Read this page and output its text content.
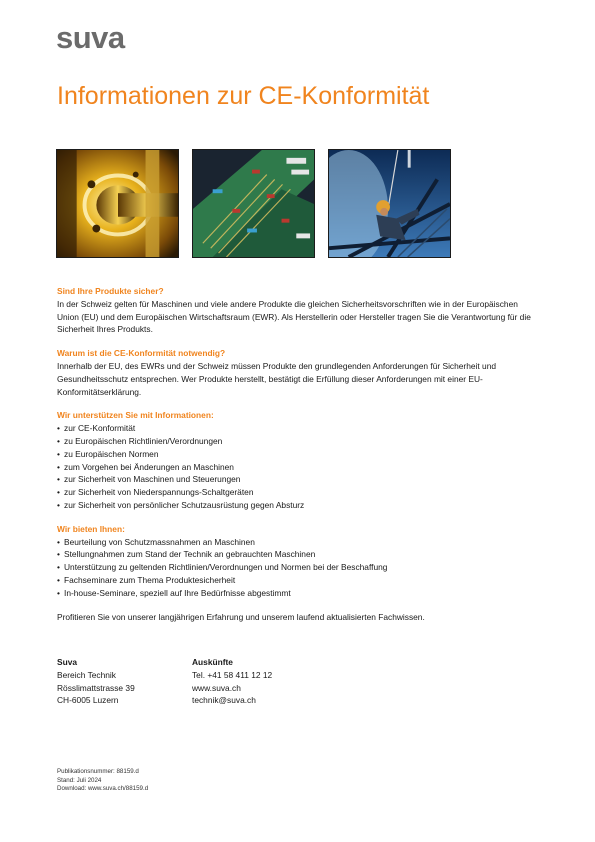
suva
Informationen zur CE-Konformität

Sind Ihre Produkte sicher?

In der Schweiz gelten für Maschinen und viele andere Produkte die gleichen Sicherheitsvorschriften wie in der Europäischen Union (EU) und dem Europäischen Wirtschaftsraum (EWR). Als Herstellerin oder Hersteller tragen Sie die Verantwortung für die Sicherheit Ihres Produkts.

Warum ist die CE-Konformität notwendig?

Innerhalb der EU, des EWRs und der Schweiz müssen Produkte den grundlegenden Anforderungen für Sicherheit und Gesundheitsschutz entsprechen. Wer Produkte herstellt, bestätigt die Erfüllung dieser Anforderungen mit einer EU-Konformitätserklärung.

Wir unterstützen Sie mit Informationen:

• zur CE-Konformität
• zu Europäischen Richtlinien/Verordnungen
• zu Europäischen Normen
• zum Vorgehen bei Änderungen an Maschinen
• zur Sicherheit von Maschinen und Steuerungen
• zur Sicherheit von Niederspannungs-Schaltgeräten
• zur Sicherheit von persönlicher Schutzausrüstung gegen Absturz

Wir bieten Ihnen:

• Beurteilung von Schutzmassnahmen an Maschinen
• Stellungnahmen zum Stand der Technik an gebrauchten Maschinen
• Unterstützung zu geltenden Richtlinien/Verordnungen und Normen bei der Beschaffung
• Fachseminare zum Thema Produktesicherheit
• In-house-Seminare, speziell auf Ihre Bedürfnisse abgestimmt

Profitieren Sie von unserer langjährigen Erfahrung und unserem laufend aktualisierten Fachwissen.

Suva
Bereich Technik
Rösslimattstrasse 39
CH-6005 Luzern
Auskünfte
Tel. +41 58 411 12 12
www.suva.ch
technik@suva.ch
Publikationsnummer: 88159.d
Stand: Juli 2024
Download: www.suva.ch/88159.d
